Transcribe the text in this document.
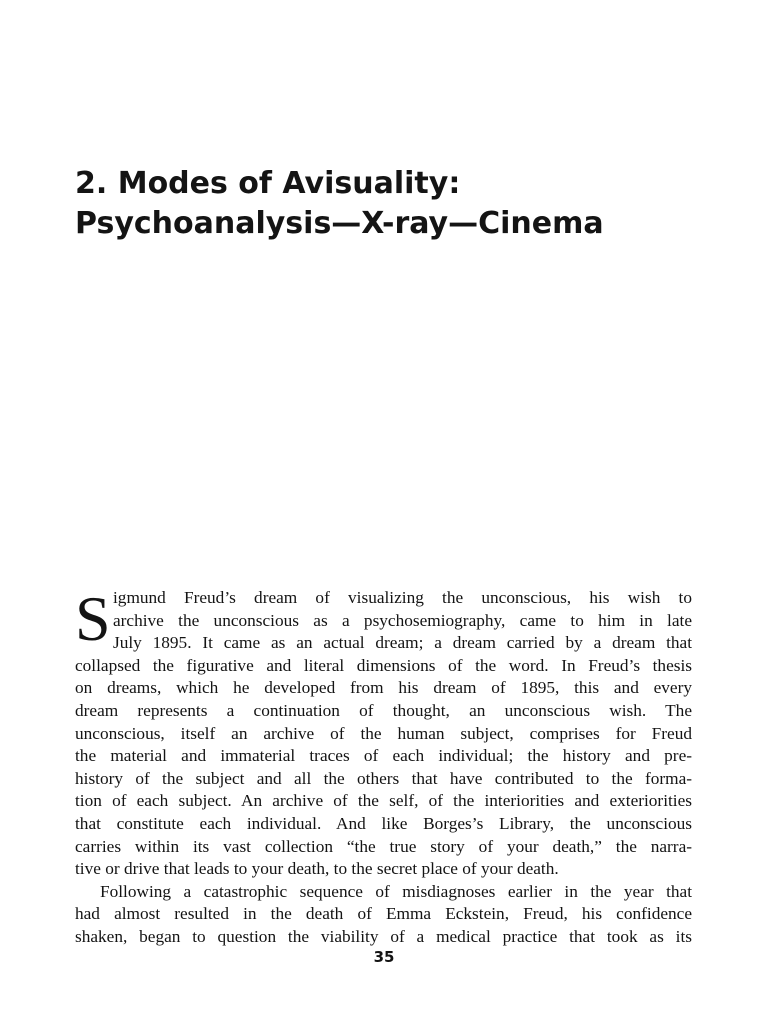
2. Modes of Avisuality:
Psychoanalysis—X-ray—Cinema
S igmund Freud’s dream of visualizing the unconscious, his wish to
archive the unconscious as a psychosemiography, came to him in late
July 1895. It came as an actual dream; a dream carried by a dream that
collapsed the figurative and literal dimensions of the word. In Freud’s thesis
on dreams, which he developed from his dream of 1895, this and every
dream represents a continuation of thought, an unconscious wish. The
unconscious, itself an archive of the human subject, comprises for Freud
the material and immaterial traces of each individual; the history and pre-
history of the subject and all the others that have contributed to the forma-
tion of each subject. An archive of the self, of the interiorities and exteriorities
that constitute each individual. And like Borges’s Library, the unconscious
carries within its vast collection “the true story of your death,” the narra-
tive or drive that leads to your death, to the secret place of your death.
Following a catastrophic sequence of misdiagnoses earlier in the year that
had almost resulted in the death of Emma Eckstein, Freud, his confidence
shaken, began to question the viability of a medical practice that took as its
35
